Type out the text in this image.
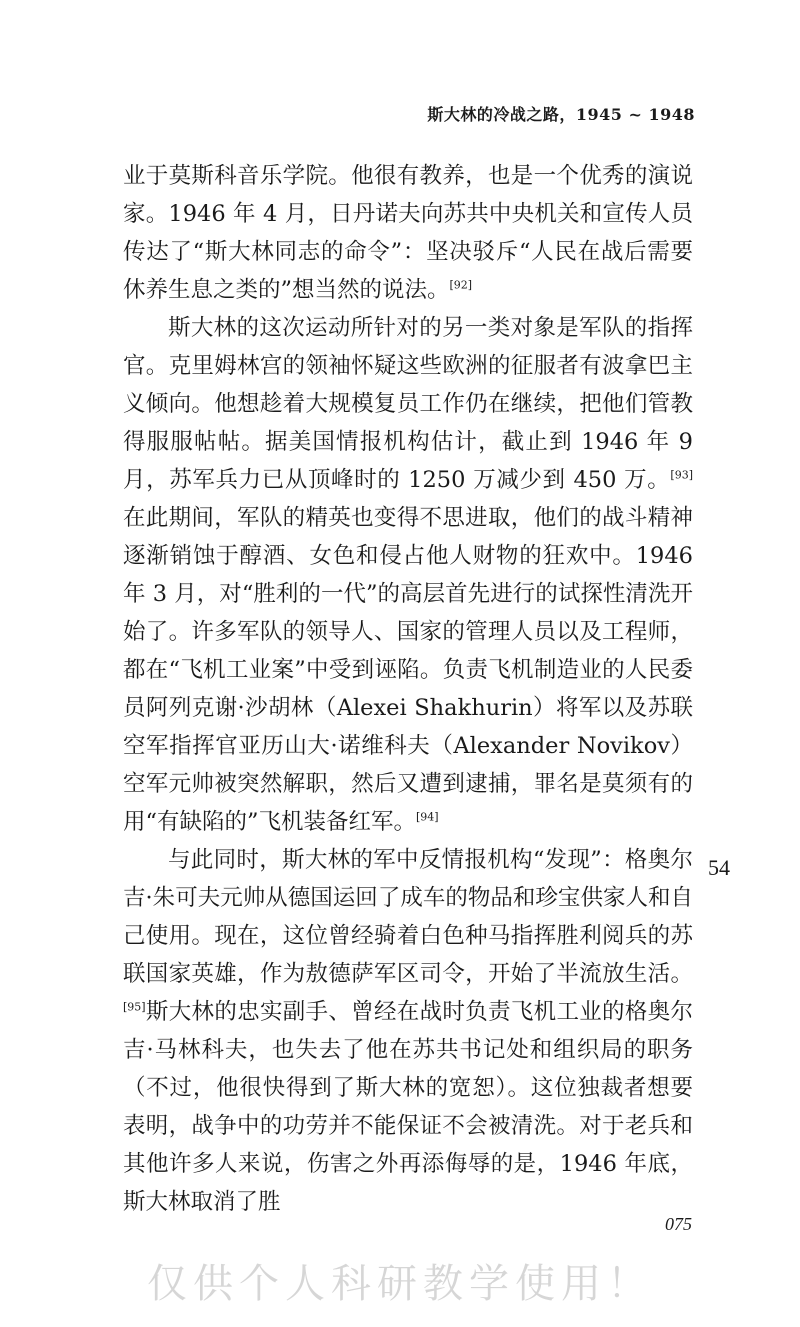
斯大林的冷战之路，1945 ~ 1948

业于莫斯科音乐学院。他很有教养，也是一个优秀的演说家。1946 年 4 月，日丹诺夫向苏共中央机关和宣传人员传达了“斯大林同志的命令”：坚决驳斥“人民在战后需要休养生息之类的”想当然的说法。[92]

斯大林的这次运动所针对的另一类对象是军队的指挥官。克里姆林宫的领袖怀疑这些欧洲的征服者有波拿巴主义倾向。他想趁着大规模复员工作仍在继续，把他们管教得服服帖帖。据美国情报机构估计，截止到 1946 年 9 月，苏军兵力已从顶峰时的 1250 万减少到 450 万。[93]在此期间，军队的精英也变得不思进取，他们的战斗精神逐渐销蚀于醇酒、女色和侵占他人财物的狂欢中。1946 年 3 月，对“胜利的一代”的高层首先进行的试探性清洗开始了。许多军队的领导人、国家的管理人员以及工程师，都在“飞机工业案”中受到诬陷。负责飞机制造业的人民委员阿列克谢·沙胡林（Alexei Shakhurin）将军以及苏联空军指挥官亚历山大·诺维科夫（Alexander Novikov）空军元帅被突然解职，然后又遭到逮捕，罪名是莫须有的用“有缺陷的”飞机装备红军。[94]

与此同时，斯大林的军中反情报机构“发现”：格奥尔吉·朱可夫元帅从德国运回了成车的物品和珍宝供家人和自己使用。现在，这位曾经骑着白色种马指挥胜利阅兵的苏联国家英雄，作为敖德萨军区司令，开始了半流放生活。[95]斯大林的忠实副手、曾经在战时负责飞机工业的格奥尔吉·马林科夫，也失去了他在苏共书记处和组织局的职务（不过，他很快得到了斯大林的宽恕）。这位独裁者想要表明，战争中的功劳并不能保证不会被清洗。对于老兵和其他许多人来说，伤害之外再添侮辱的是，1946 年底，斯大林取消了胜

54
075
仅供个人科研教学使用！
